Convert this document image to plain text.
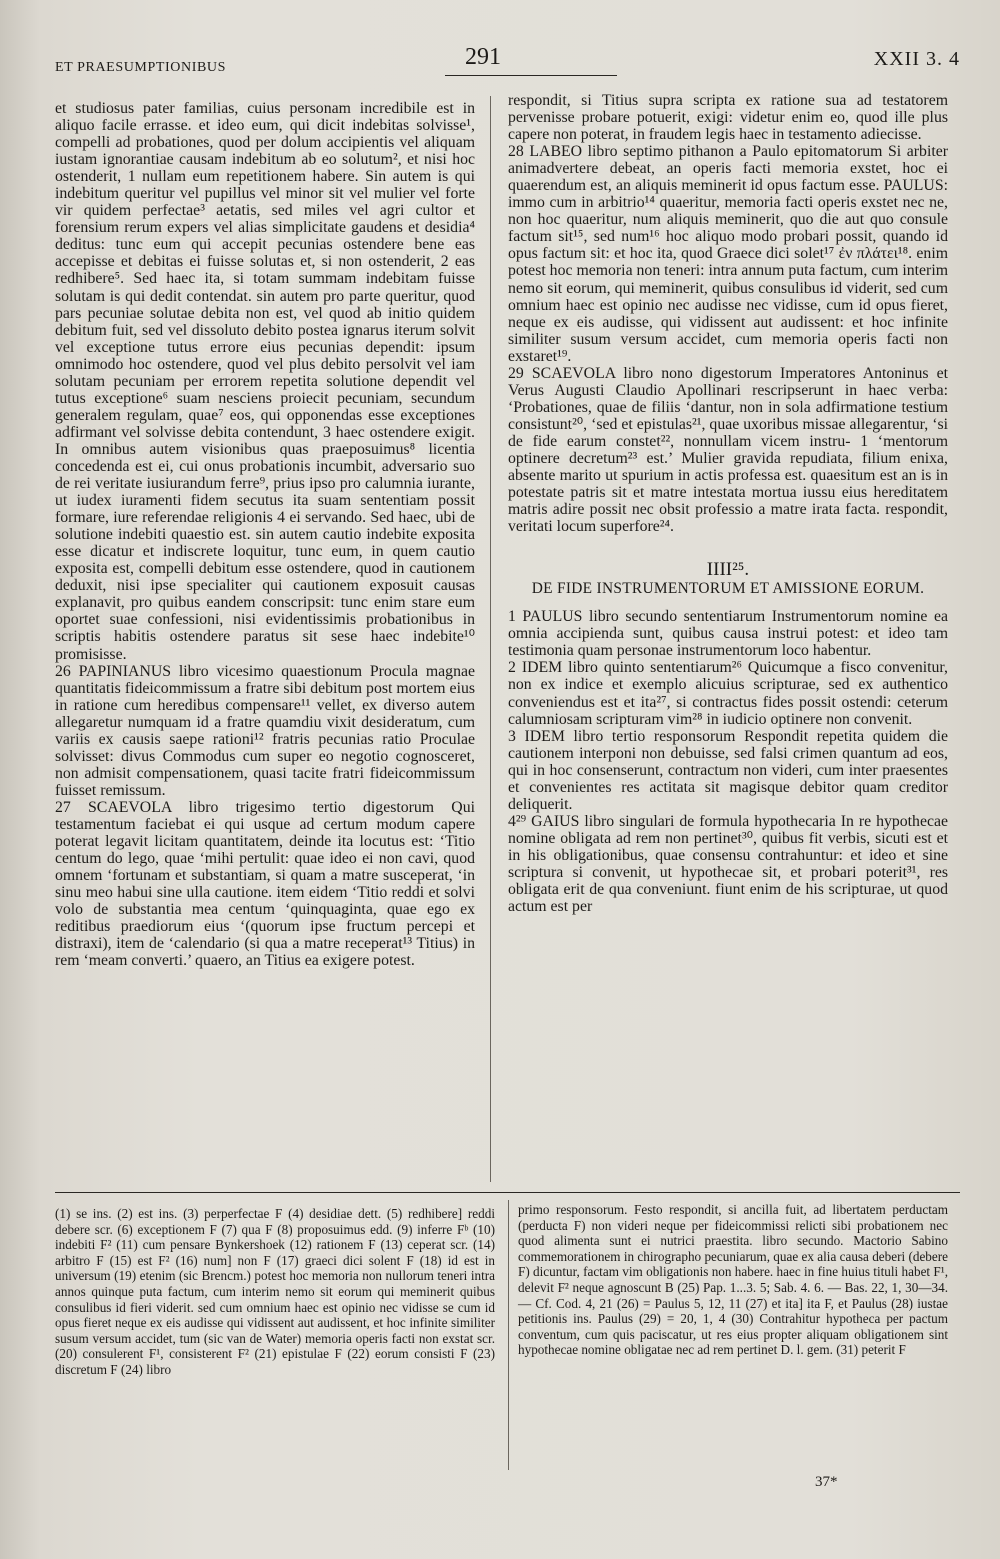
ET PRAESUMPTIONIBUS	291	XXII 3. 4

et studiosus pater familias, cuius personam incredibile est in aliquo facile errasse. et ideo eum, qui dicit indebitas solvisse¹, compelli ad probationes, quod per dolum accipientis vel aliquam iustam ignorantiae causam indebitum ab eo solutum², et nisi hoc ostenderit, 1 nullam eum repetitionem habere. Sin autem is qui indebitum queritur vel pupillus vel minor sit vel mulier vel forte vir quidem perfectae³ aetatis, sed miles vel agri cultor et forensium rerum expers vel alias simplicitate gaudens et desidia⁴ deditus: tunc eum qui accepit pecunias ostendere bene eas accepisse et debitas ei fuisse solutas et, si non ostenderit, 2 eas redhibere⁵. Sed haec ita, si totam summam indebitam fuisse solutam is qui dedit contendat. sin autem pro parte queritur, quod pars pecuniae solutae debita non est, vel quod ab initio quidem debitum fuit, sed vel dissoluto debito postea ignarus iterum solvit vel exceptione tutus errore eius pecunias dependit: ipsum omnimodo hoc ostendere, quod vel plus debito persolvit vel iam solutam pecuniam per errorem repetita solutione dependit vel tutus exceptione⁶ suam nesciens proiecit pecuniam, secundum generalem regulam, quae⁷ eos, qui opponendas esse exceptiones adfirmant vel solvisse debita contendunt, 3 haec ostendere exigit. In omnibus autem visionibus quas praeposuimus⁸ licentia concedenda est ei, cui onus probationis incumbit, adversario suo de rei veritate iusiurandum ferre⁹, prius ipso pro calumnia iurante, ut iudex iuramenti fidem secutus ita suam sententiam possit formare, iure referendae religionis 4 ei servando. Sed haec, ubi de solutione indebiti quaestio est. sin autem cautio indebite exposita esse dicatur et indiscrete loquitur, tunc eum, in quem cautio exposita est, compelli debitum esse ostendere, quod in cautionem deduxit, nisi ipse specialiter qui cautionem exposuit causas explanavit, pro quibus eandem conscripsit: tunc enim stare eum oportet suae confessioni, nisi evidentissimis probationibus in scriptis habitis ostendere paratus sit sese haec indebite¹⁰ promisisse.

26 PAPINIANUS libro vicesimo quaestionum Procula magnae quantitatis fideicommissum a fratre sibi debitum post mortem eius in ratione cum heredibus compensare¹¹ vellet, ex diverso autem allegaretur numquam id a fratre quamdiu vixit desideratum, cum variis ex causis saepe rationi¹² fratris pecunias ratio Proculae solvisset: divus Commodus cum super eo negotio cognosceret, non admisit compensationem, quasi tacite fratri fideicommissum fuisset remissum.

27 SCAEVOLA libro trigesimo tertio digestorum Qui testamentum faciebat ei qui usque ad certum modum capere poterat legavit licitam quantitatem, deinde ita locutus est: ‘Titio centum do lego, quae ‘mihi pertulit: quae ideo ei non cavi, quod omnem ‘fortunam et substantiam, si quam a matre susceperat, ‘in sinu meo habui sine ulla cautione. item eidem ‘Titio reddi et solvi volo de substantia mea centum ‘quinquaginta, quae ego ex reditibus praediorum eius ‘(quorum ipse fructum percepi et distraxi), item de ‘calendario (si qua a matre receperat¹³ Titius) in rem ‘meam converti.’ quaero, an Titius ea exigere potest.

respondit, si Titius supra scripta ex ratione sua ad testatorem pervenisse probare potuerit, exigi: videtur enim eo, quod ille plus capere non poterat, in fraudem legis haec in testamento adiecisse.

28 LABEO libro septimo pithanon a Paulo epitomatorum Si arbiter animadvertere debeat, an operis facti memoria exstet, hoc ei quaerendum est, an aliquis meminerit id opus factum esse. PAULUS: immo cum in arbitrio¹⁴ quaeritur, memoria facti operis exstet nec ne, non hoc quaeritur, num aliquis meminerit, quo die aut quo consule factum sit¹⁵, sed num¹⁶ hoc aliquo modo probari possit, quando id opus factum sit: et hoc ita, quod Graece dici solet¹⁷ ἐν πλάτει¹⁸. enim potest hoc memoria non teneri: intra annum puta factum, cum interim nemo sit eorum, qui meminerit, quibus consulibus id viderit, sed cum omnium haec est opinio nec audisse nec vidisse, cum id opus fieret, neque ex eis audisse, qui vidissent aut audissent: et hoc infinite similiter susum versum accidet, cum memoria operis facti non exstaret¹⁹.

29 SCAEVOLA libro nono digestorum Imperatores Antoninus et Verus Augusti Claudio Apollinari rescripserunt in haec verba: ‘Probationes, quae de filiis ‘dantur, non in sola adfirmatione testium consistunt²⁰, ‘sed et epistulas²¹, quae uxoribus missae allegarentur, ‘si de fide earum constet²², nonnullam vicem instru- 1 ‘mentorum optinere decretum²³ est.’ Mulier gravida repudiata, filium enixa, absente marito ut spurium in actis professa est. quaesitum est an is in potestate patris sit et matre intestata mortua iussu eius hereditatem matris adire possit nec obsit professio a matre irata facta. respondit, veritati locum superfore²⁴.

IIII²⁵.
DE FIDE INSTRUMENTORUM ET AMISSIONE EORUM.

1 PAULUS libro secundo sententiarum Instrumentorum nomine ea omnia accipienda sunt, quibus causa instrui potest: et ideo tam testimonia quam personae instrumentorum loco habentur.

2 IDEM libro quinto sententiarum²⁶ Quicumque a fisco convenitur, non ex indice et exemplo alicuius scripturae, sed ex authentico conveniendus est et ita²⁷, si contractus fides possit ostendi: ceterum calumniosam scripturam vim²⁸ in iudicio optinere non convenit.

3 IDEM libro tertio responsorum Respondit repetita quidem die cautionem interponi non debuisse, sed falsi crimen quantum ad eos, qui in hoc consenserunt, contractum non videri, cum inter praesentes et convenientes res actitata sit magisque debitor quam creditor deliquerit.

4²⁹ GAIUS libro singulari de formula hypothecaria In re hypothecae nomine obligata ad rem non pertinet³⁰, quibus fit verbis, sicuti est et in his obligationibus, quae consensu contrahuntur: et ideo et sine scriptura si convenit, ut hypothecae sit, et probari poterit³¹, res obligata erit de qua conveniunt. fiunt enim de his scripturae, ut quod actum est per

(1) se ins. (2) est ins. (3) perperfectae F (4) desidiae dett. (5) redhibere] reddi debere scr. (6) exceptionem F (7) qua F (8) proposuimus edd. (9) inferre Fᵇ (10) indebiti F² (11) cum pensare Bynkershoek (12) rationem F (13) ceperat scr. (14) arbitro F (15) est F² (16) num] non F (17) graeci dici solent F (18) id est in universum (19) etenim (sic Brencm.) potest hoc memoria non nullorum teneri intra annos quinque puta factum, cum interim nemo sit eorum qui meminerit quibus consulibus id fieri viderit. sed cum omnium haec est opinio nec vidisse se cum id opus fieret neque ex eis audisse qui vidissent aut audissent, et hoc infinite similiter susum versum accidet, tum (sic van de Water) memoria operis facti non exstat scr. (20) consulerent F¹, consisterent F² (21) epistulae F (22) eorum consisti F (23) discretum F (24) libro

primo responsorum. Festo respondit, si ancilla fuit, ad libertatem perductam (perducta F) non videri neque per fideicommissi relicti sibi probationem nec quod alimenta sunt ei nutrici praestita. libro secundo. Mactorio Sabino commemorationem in chirographo pecuniarum, quae ex alia causa deberi (debere F) dicuntur, factam vim obligationis non habere. haec in fine huius tituli habet F¹, delevit F² neque agnoscunt B (25) Pap. 1...3. 5; Sab. 4. 6. — Bas. 22, 1, 30—34. — Cf. Cod. 4, 21 (26) = Paulus 5, 12, 11 (27) et ita] ita F, et Paulus (28) iustae petitionis ins. Paulus (29) = 20, 1, 4 (30) Contrahitur hypotheca per pactum conventum, cum quis paciscatur, ut res eius propter aliquam obligationem sint hypothecae nomine obligatae nec ad rem pertinet D. l. gem. (31) peterit F

37*
